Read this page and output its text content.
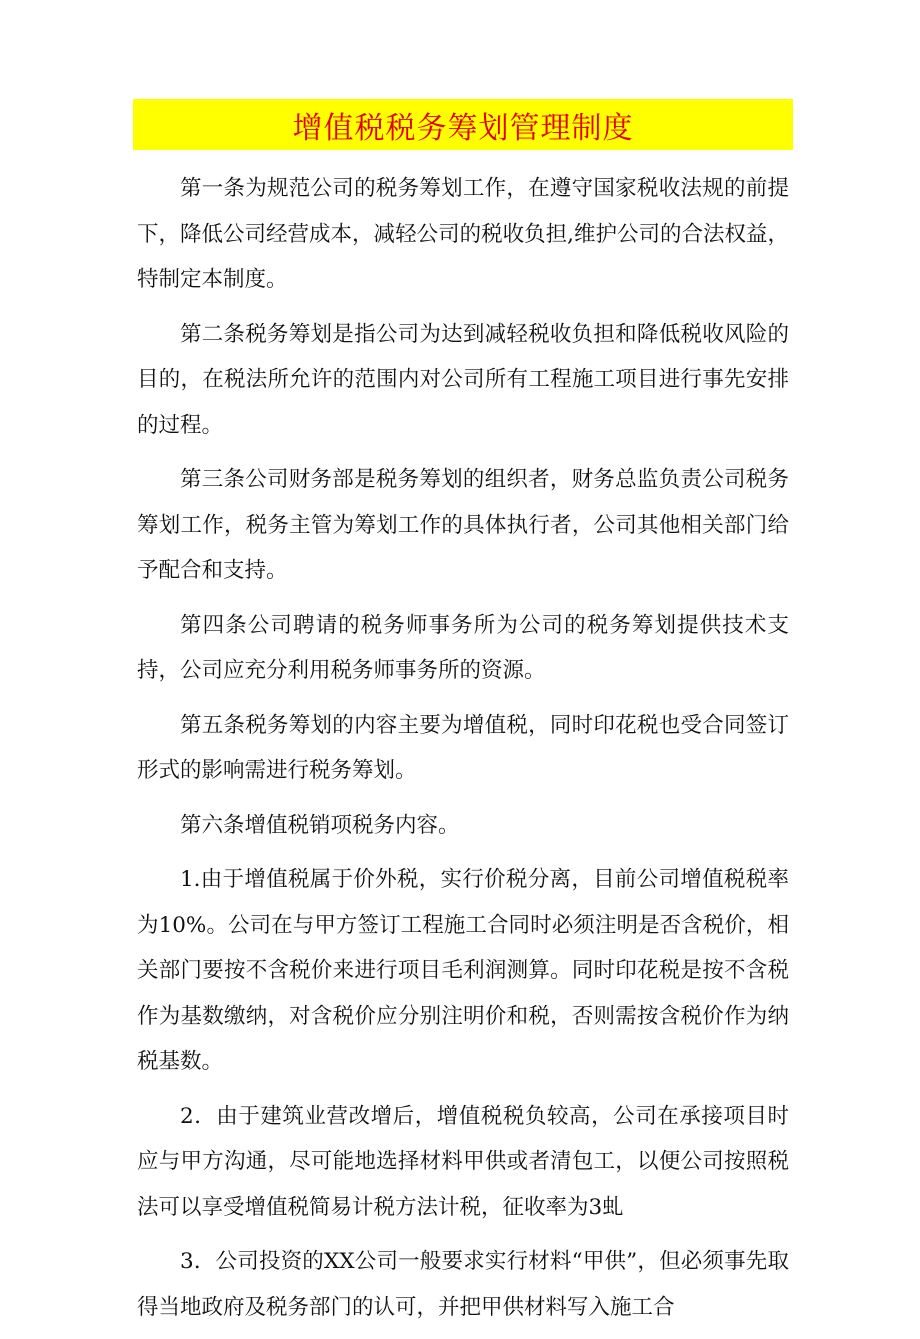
增值税税务筹划管理制度

第一条为规范公司的税务筹划工作，在遵守国家税收法规的前提下，降低公司经营成本，减轻公司的税收负担,维护公司的合法权益，特制定本制度。

第二条税务筹划是指公司为达到减轻税收负担和降低税收风险的目的，在税法所允许的范围内对公司所有工程施工项目进行事先安排的过程。

第三条公司财务部是税务筹划的组织者，财务总监负责公司税务筹划工作，税务主管为筹划工作的具体执行者，公司其他相关部门给予配合和支持。

第四条公司聘请的税务师事务所为公司的税务筹划提供技术支持，公司应充分利用税务师事务所的资源。

第五条税务筹划的内容主要为增值税，同时印花税也受合同签订形式的影响需进行税务筹划。

第六条增值税销项税务内容。

1.由于增值税属于价外税，实行价税分离，目前公司增值税税率为10%。公司在与甲方签订工程施工合同时必须注明是否含税价，相关部门要按不含税价来进行项目毛利润测算。同时印花税是按不含税作为基数缴纳，对含税价应分别注明价和税，否则需按含税价作为纳税基数。

2．由于建筑业营改增后，增值税税负较高，公司在承接项目时应与甲方沟通，尽可能地选择材料甲供或者清包工，以便公司按照税法可以享受增值税简易计税方法计税，征收率为3虬

3．公司投资的XX公司一般要求实行材料“甲供”，但必须事先取得当地政府及税务部门的认可，并把甲供材料写入施工合
